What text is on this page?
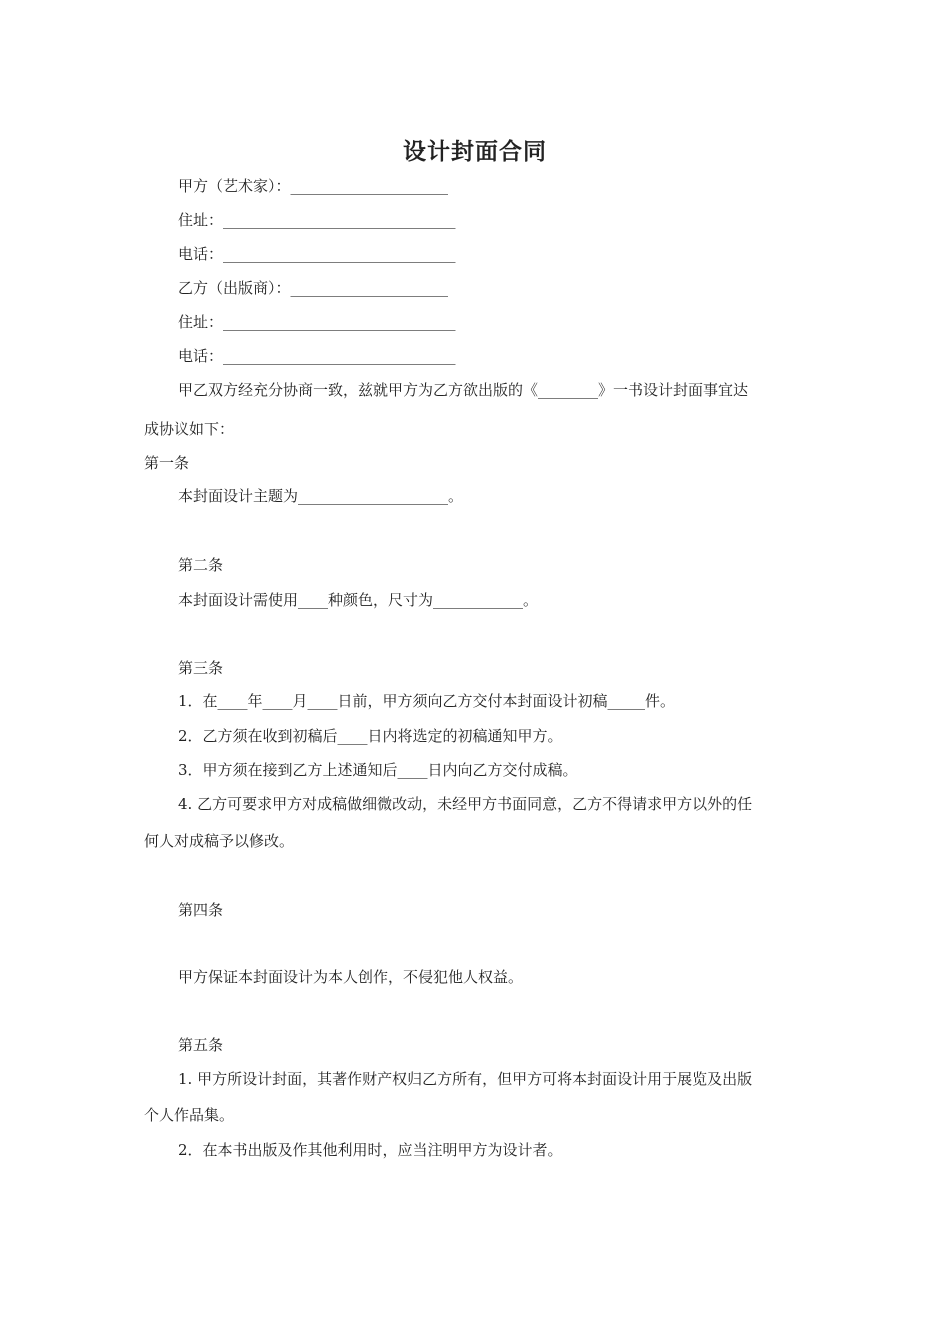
设计封面合同
甲方（艺术家）：_____________________
住址：_______________________________
电话：_______________________________
乙方（出版商）：_____________________
住址：_______________________________
电话：_______________________________
甲乙双方经充分协商一致，兹就甲方为乙方欲出版的《________》一书设计封面事宜达
成协议如下：
第一条
本封面设计主题为____________________。
第二条
本封面设计需使用____种颜色，尺寸为____________。
第三条
1．在____年____月____日前，甲方须向乙方交付本封面设计初稿_____件。
2．乙方须在收到初稿后____日内将选定的初稿通知甲方。
3．甲方须在接到乙方上述通知后____日内向乙方交付成稿。
4. 乙方可要求甲方对成稿做细微改动，未经甲方书面同意，乙方不得请求甲方以外的任
何人对成稿予以修改。
第四条
甲方保证本封面设计为本人创作，不侵犯他人权益。
第五条
1. 甲方所设计封面，其著作财产权归乙方所有，但甲方可将本封面设计用于展览及出版
个人作品集。
2．在本书出版及作其他利用时，应当注明甲方为设计者。
